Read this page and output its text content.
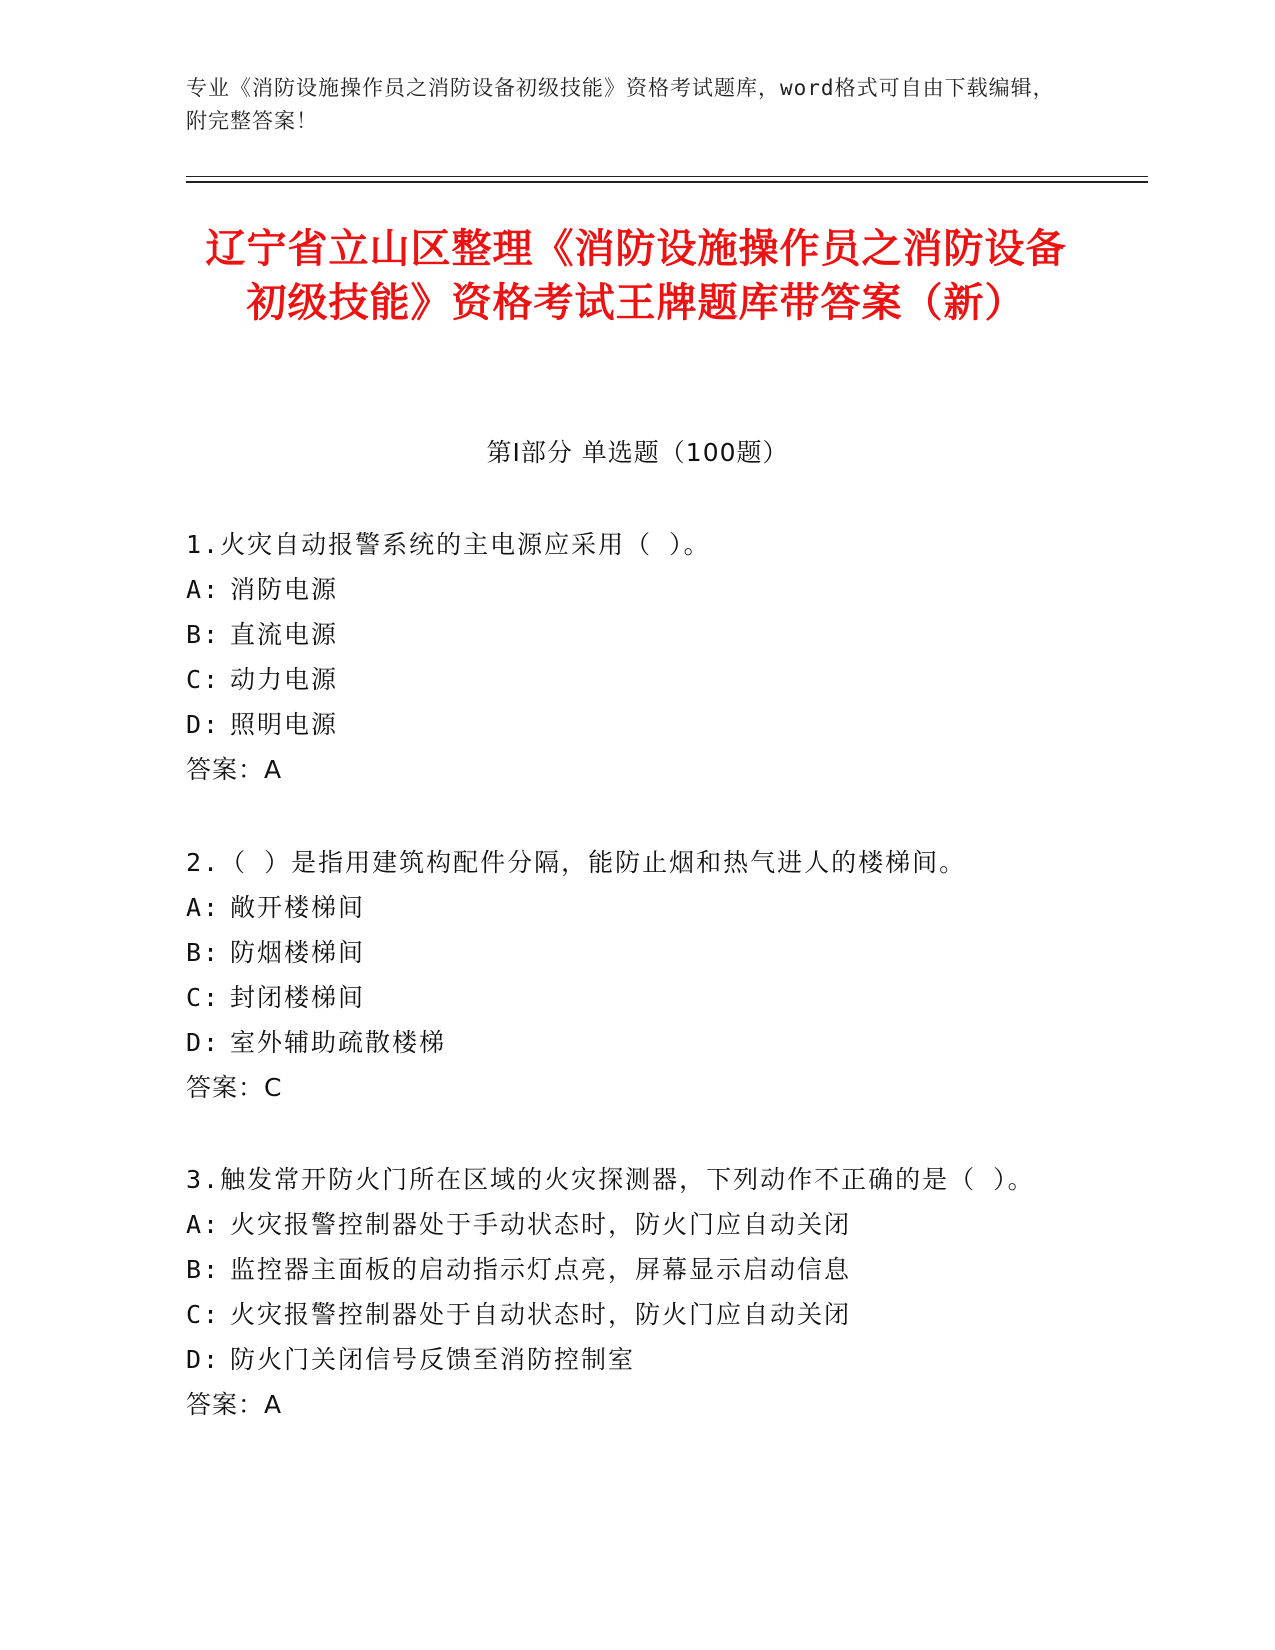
专业《消防设施操作员之消防设备初级技能》资格考试题库，word格式可自由下载编辑，附完整答案！
辽宁省立山区整理《消防设施操作员之消防设备初级技能》资格考试王牌题库带答案（新）
第Ⅰ部分 单选题（100题）
1.火灾自动报警系统的主电源应采用（ ）。
A: 消防电源
B: 直流电源
C: 动力电源
D: 照明电源
答案：A
2.（ ）是指用建筑构配件分隔，能防止烟和热气进人的楼梯间。
A: 敞开楼梯间
B: 防烟楼梯间
C: 封闭楼梯间
D: 室外辅助疏散楼梯
答案：C
3.触发常开防火门所在区域的火灾探测器，下列动作不正确的是（ ）。
A: 火灾报警控制器处于手动状态时，防火门应自动关闭
B: 监控器主面板的启动指示灯点亮，屏幕显示启动信息
C: 火灾报警控制器处于自动状态时，防火门应自动关闭
D: 防火门关闭信号反馈至消防控制室
答案：A
